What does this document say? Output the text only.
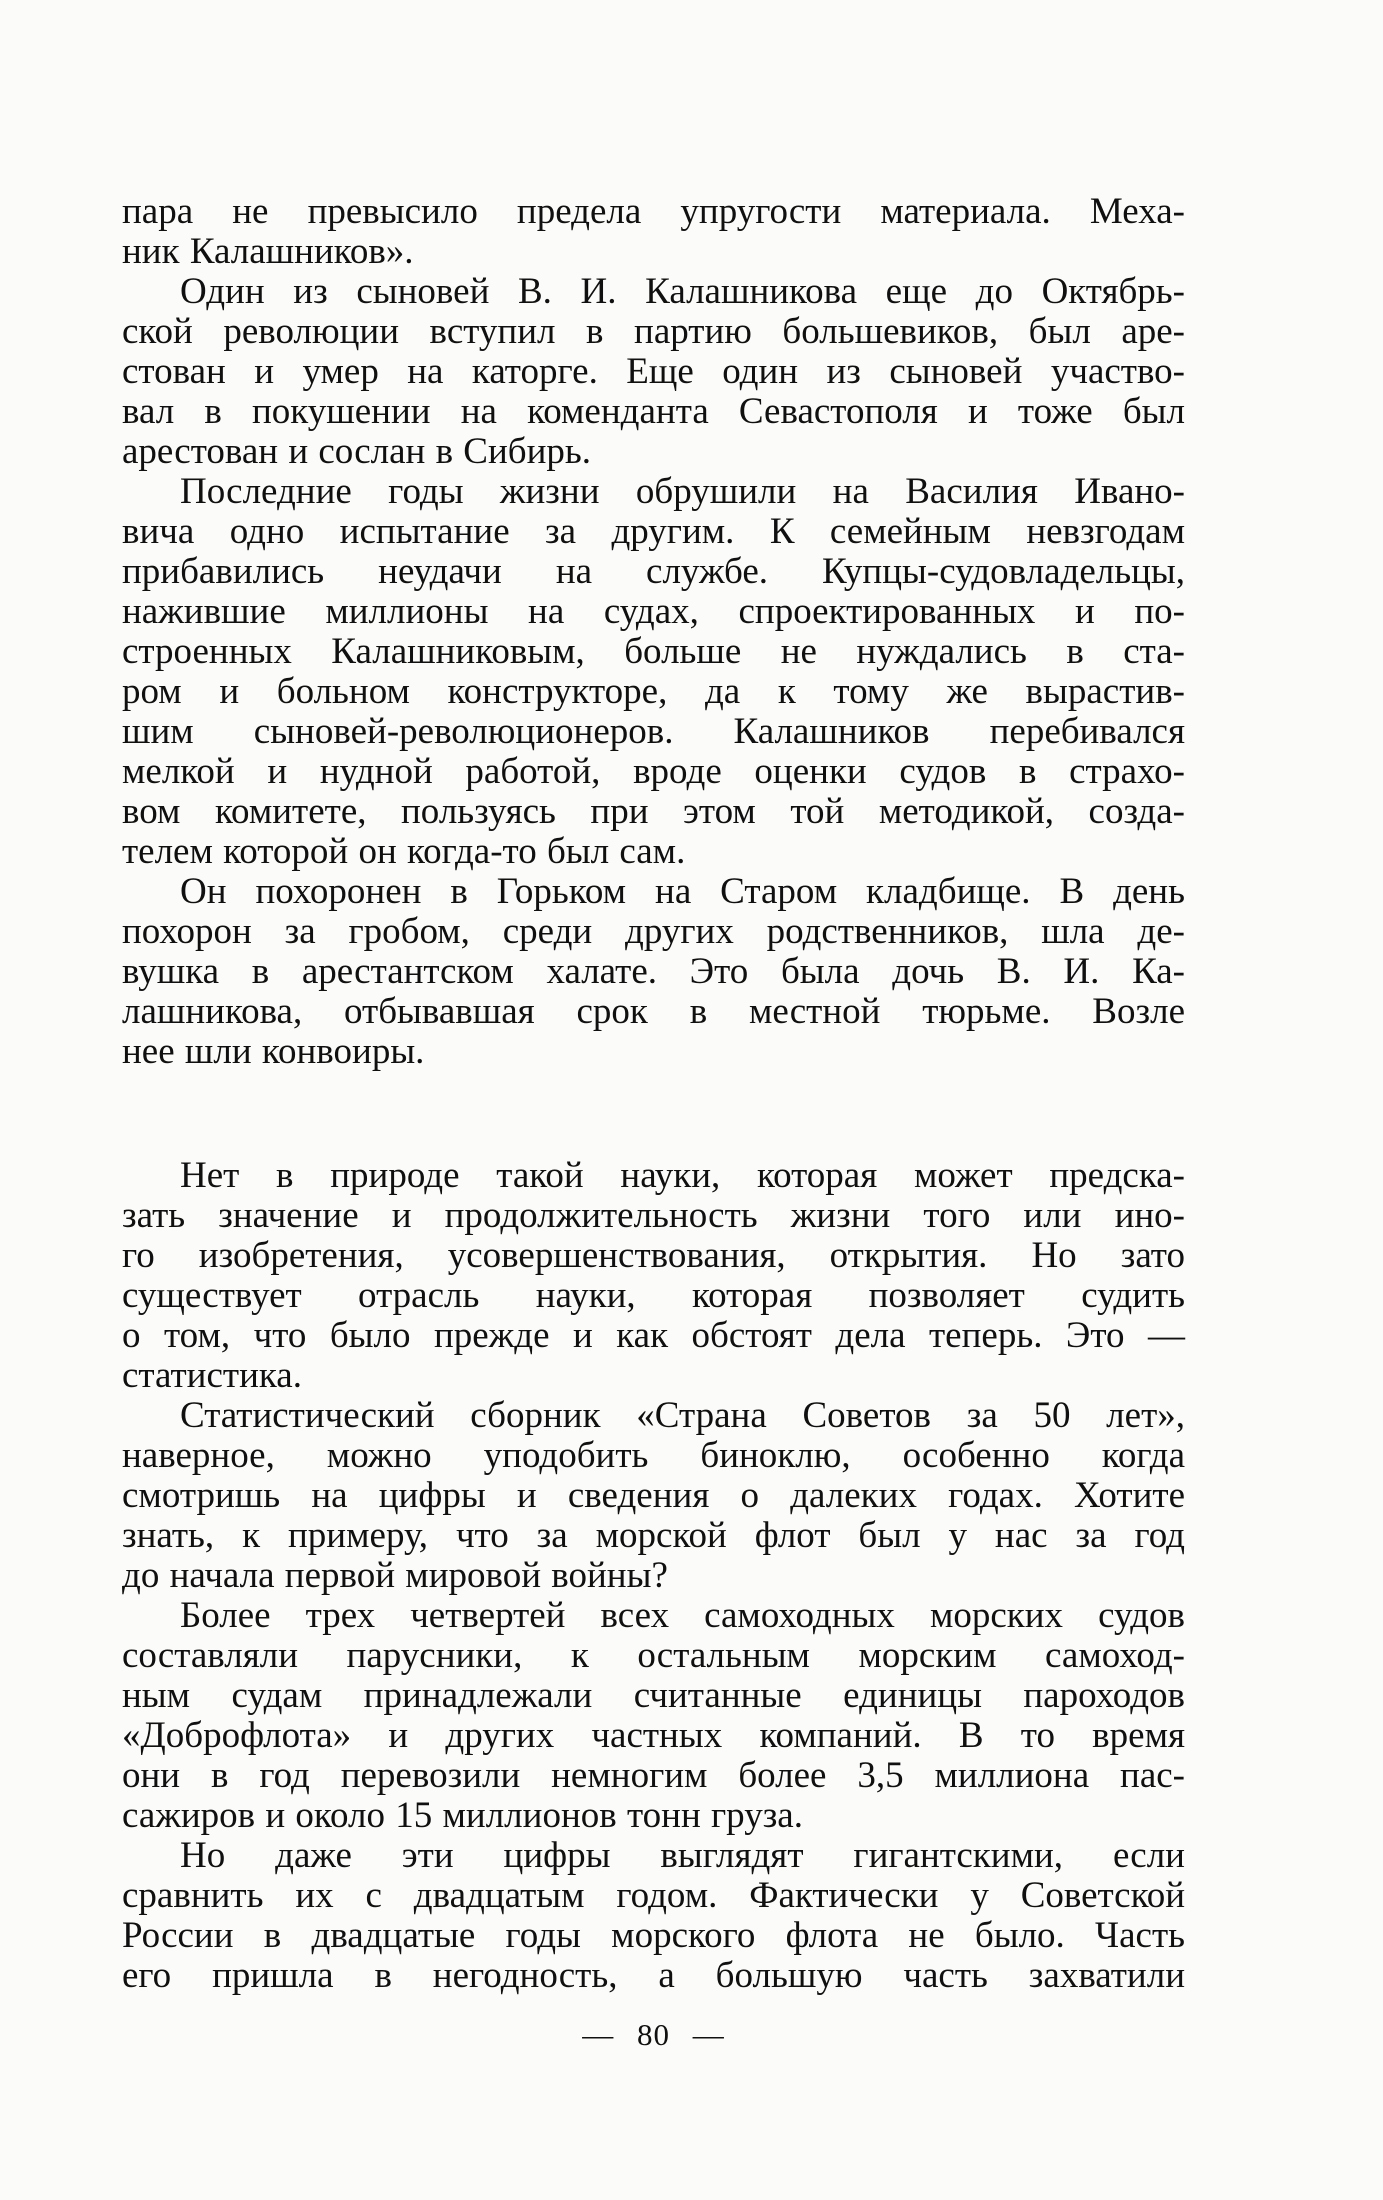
пара не превысило предела упругости материала. Меха-
ник Калашников».

Один из сыновей В. И. Калашникова еще до Октябрь-
ской революции вступил в партию большевиков, был аре-
стован и умер на каторге. Еще один из сыновей участво-
вал в покушении на коменданта Севастополя и тоже был
арестован и сослан в Сибирь.

Последние годы жизни обрушили на Василия Ивано-
вича одно испытание за другим. К семейным невзгодам
прибавились неудачи на службе. Купцы-судовладельцы,
нажившие миллионы на судах, спроектированных и по-
строенных Калашниковым, больше не нуждались в ста-
ром и больном конструкторе, да к тому же вырастив-
шим сыновей-революционеров. Калашников перебивался
мелкой и нудной работой, вроде оценки судов в страхо-
вом комитете, пользуясь при этом той методикой, созда-
телем которой он когда-то был сам.

Он похоронен в Горьком на Старом кладбище. В день
похорон за гробом, среди других родственников, шла де-
вушка в арестантском халате. Это была дочь В. И. Ка-
лашникова, отбывавшая срок в местной тюрьме. Возле
нее шли конвоиры.

Нет в природе такой науки, которая может предска-
зать значение и продолжительность жизни того или ино-
го изобретения, усовершенствования, открытия. Но зато
существует отрасль науки, которая позволяет судить
о том, что было прежде и как обстоят дела теперь. Это —
статистика.

Статистический сборник «Страна Советов за 50 лет»,
наверное, можно уподобить биноклю, особенно когда
смотришь на цифры и сведения о далеких годах. Хотите
знать, к примеру, что за морской флот был у нас за год
до начала первой мировой войны?

Более трех четвертей всех самоходных морских судов
составляли парусники, к остальным морским самоход-
ным судам принадлежали считанные единицы пароходов
«Доброфлота» и других частных компаний. В то время
они в год перевозили немногим более 3,5 миллиона пас-
сажиров и около 15 миллионов тонн груза.

Но даже эти цифры выглядят гигантскими, если
сравнить их с двадцатым годом. Фактически у Советской
России в двадцатые годы морского флота не было. Часть
его пришла в негодность, а большую часть захватили

— 80 —
